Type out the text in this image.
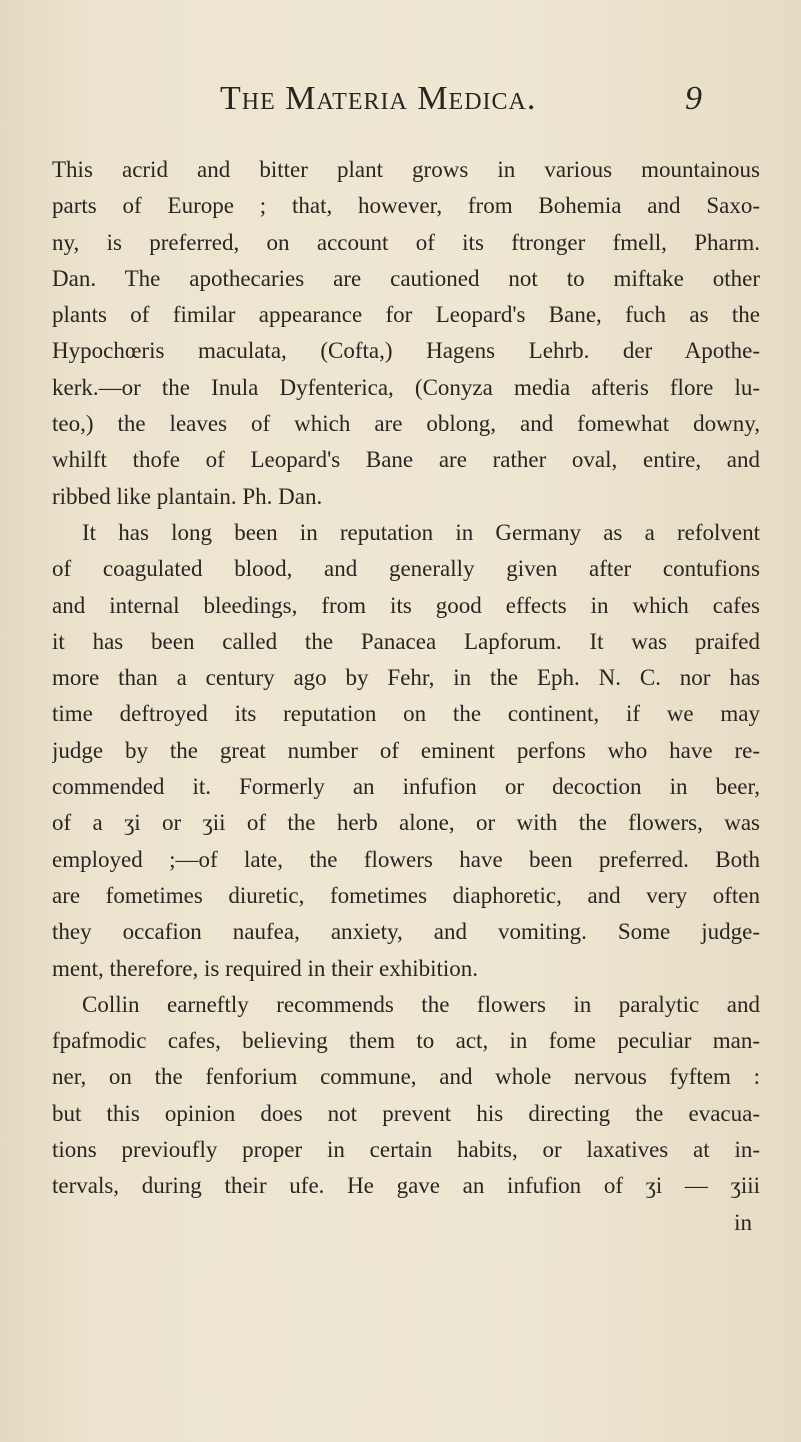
The Materia Medica.	9
This acrid and bitter plant grows in various mountainous
parts of Europe ; that, however, from Bohemia and Saxo-
ny, is preferred, on account of its ftronger fmell, Pharm.
Dan. The apothecaries are cautioned not to miftake other
plants of fimilar appearance for Leopard's Bane, fuch as the
Hypochœris maculata, (Cofta,) Hagens Lehrb. der Apothe-
kerk.—or the Inula Dyfenterica, (Conyza media afteris flore lu-
teo,) the leaves of which are oblong, and fomewhat downy,
whilft thofe of Leopard's Bane are rather oval, entire, and
ribbed like plantain. Ph. Dan.
It has long been in reputation in Germany as a refolvent
of coagulated blood, and generally given after contufions
and internal bleedings, from its good effects in which cafes
it has been called the Panacea Lapforum. It was praifed
more than a century ago by Fehr, in the Eph. N. C. nor has
time deftroyed its reputation on the continent, if we may
judge by the great number of eminent perfons who have re-
commended it. Formerly an infufion or decoction in beer,
of a ʒi or ʒii of the herb alone, or with the flowers, was
employed ;—of late, the flowers have been preferred. Both
are fometimes diuretic, fometimes diaphoretic, and very often
they occafion naufea, anxiety, and vomiting. Some judge-
ment, therefore, is required in their exhibition.
Collin earneftly recommends the flowers in paralytic and
fpafmodic cafes, believing them to act, in fome peculiar man-
ner, on the fenforium commune, and whole nervous fyftem :
but this opinion does not prevent his directing the evacua-
tions previoufly proper in certain habits, or laxatives at in-
tervals, during their ufe. He gave an infufion of ʒi — ʒiii
in
